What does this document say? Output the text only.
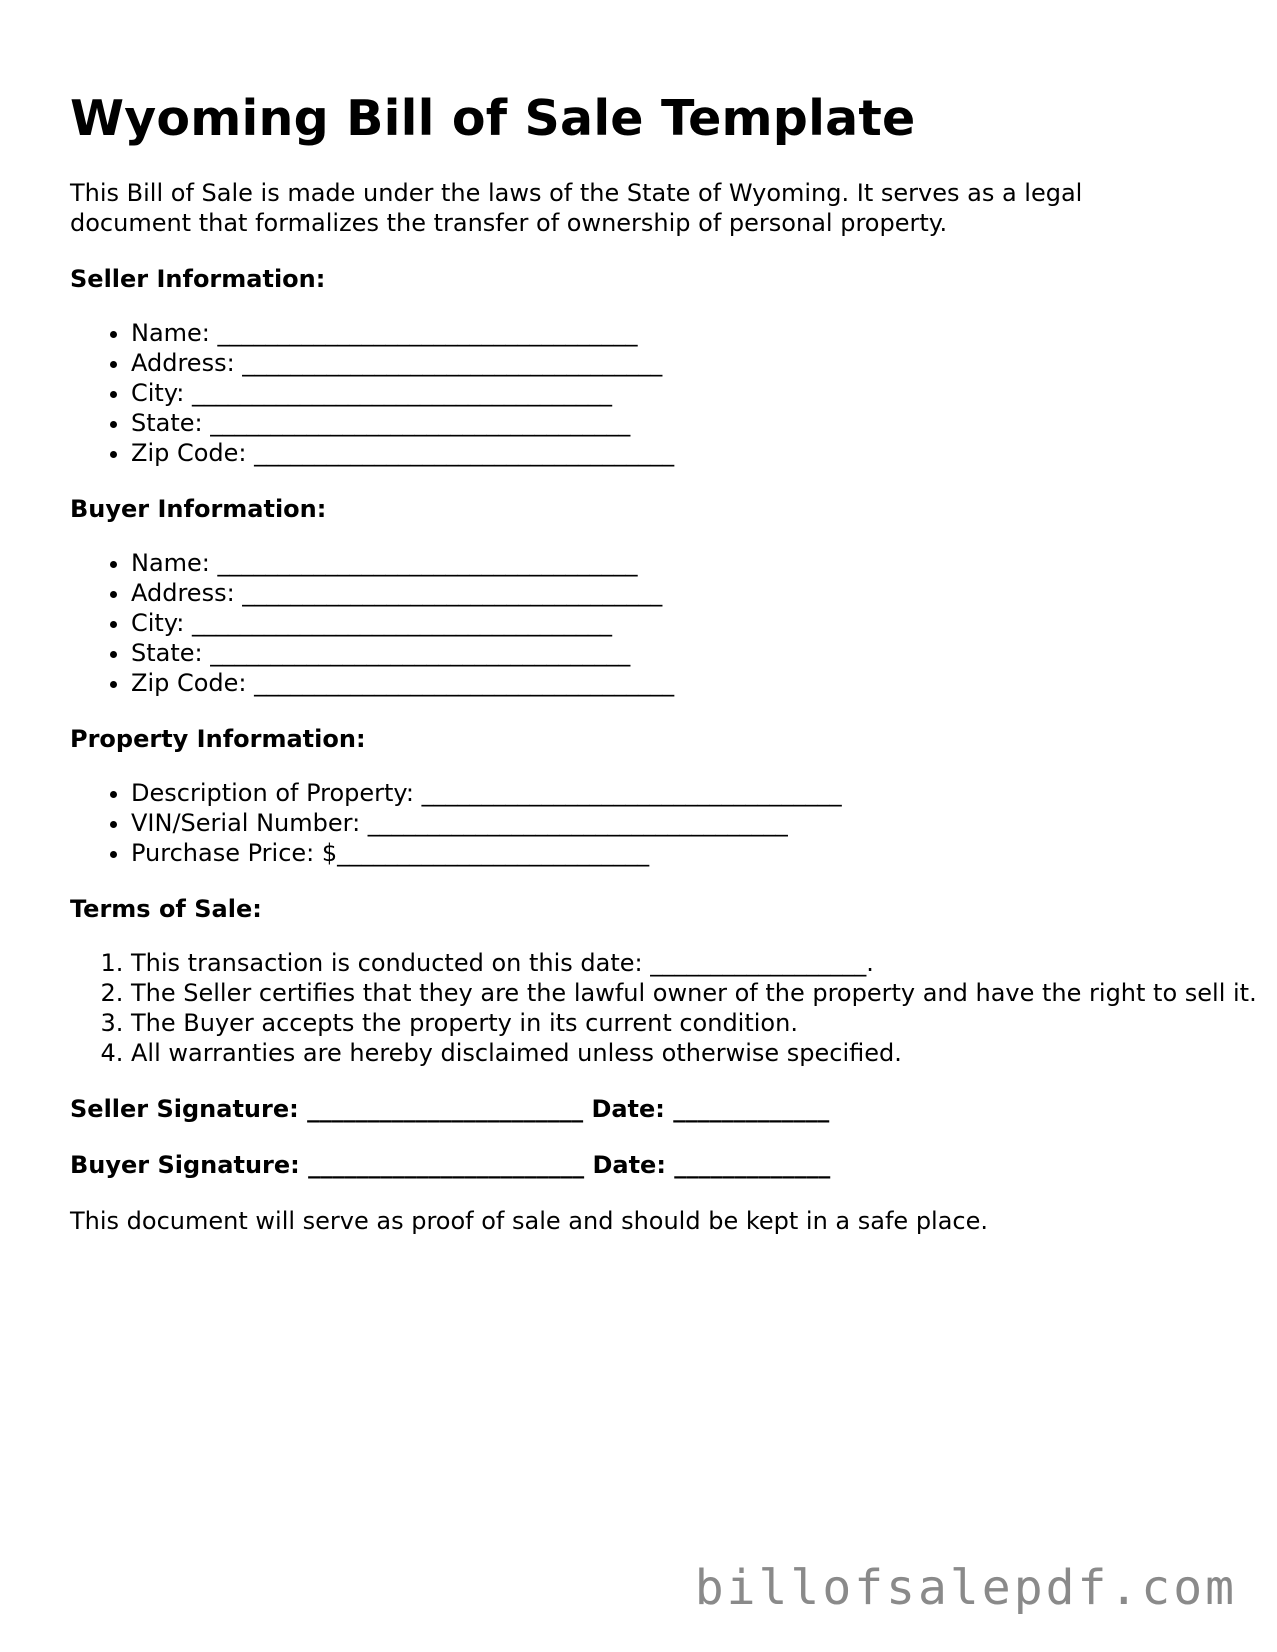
Wyoming Bill of Sale Template

This Bill of Sale is made under the laws of the State of Wyoming. It serves as a legal document that formalizes the transfer of ownership of personal property.

Seller Information:
• Name: ___________________________________
• Address: ___________________________________
• City: ___________________________________
• State: ___________________________________
• Zip Code: ___________________________________
Buyer Information:
• Name: ___________________________________
• Address: ___________________________________
• City: ___________________________________
• State: ___________________________________
• Zip Code: ___________________________________
Property Information:
• Description of Property: ___________________________________
• VIN/Serial Number: ___________________________________
• Purchase Price: $__________________________
Terms of Sale:
1. This transaction is conducted on this date: __________________.
2. The Seller certifies that they are the lawful owner of the property and have the right to sell it.
3. The Buyer accepts the property in its current condition.
4. All warranties are hereby disclaimed unless otherwise specified.
Seller Signature: _______________________ Date: _____________
Buyer Signature: _______________________ Date: _____________

This document will serve as proof of sale and should be kept in a safe place.

billofsalepdf.com
